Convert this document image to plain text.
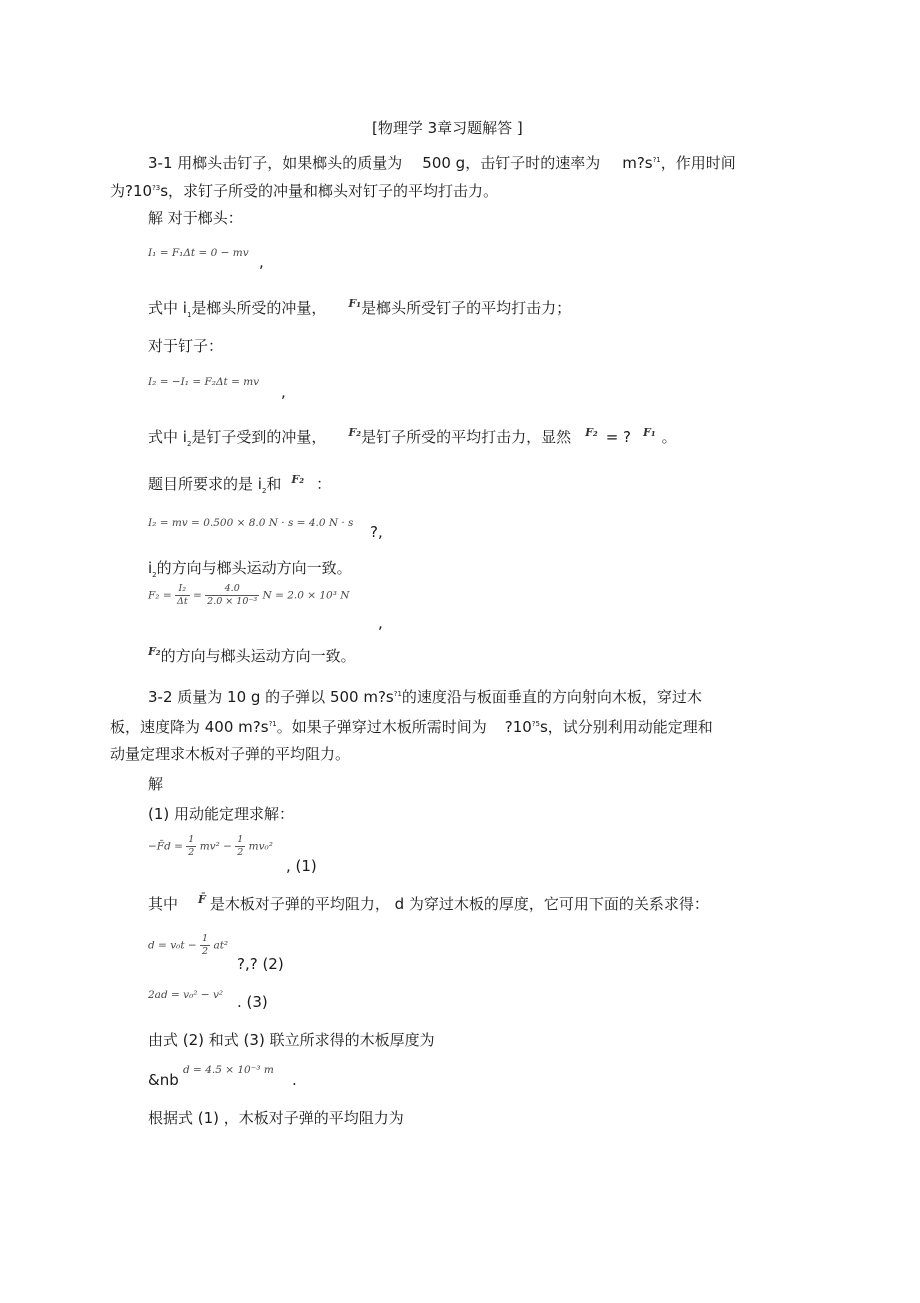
[物理学 3章习题解答 ]
3-1 用榔头击钉子，如果榔头的质量为 500 g，击钉子时的速率为 $m?s^{?1}$，作用时间
为$?10^{?3}s$，求钉子所受的冲量和榔头对钉子的平均打击力。
解 对于榔头：
I₁ = F₁Δt = 0 − mv ,
式中 $i_1$是榔头所受的冲量， F₁是榔头所受钉子的平均打击力；
对于钉子：
I₂ = −I₁ = F₂Δt = mv
,
式中 $i_2$是钉子受到的冲量， F₂是钉子所受的平均打击力，显然 F₂ = ? F₁ 。
题目所要求的是 $i_2$和 F₂ ：
I₂ = mv = 0.500 × 8.0 N · s = 4.0 N · s ?,
$i_2$的方向与榔头运动方向一致。
$F_2 = \frac{\text{I₂}}{\Delta t} = \frac{4.0}{\text{2.0 × 10⁻³}}$ N = 2.0 × 10³ N
,
F₂的方向与榔头运动方向一致。
3-2 质量为 10 g 的子弹以 500 $m?s^{?1}$的速度沿与板面垂直的方向射向木板，穿过木
板，速度降为 400 $m?s^{?1}$。如果子弹穿过木板所需时间为 $?10^{?5}s$，试分别利用动能定理和
动量定理求木板对子弹的平均阻力。
解
(1) 用动能定理求解：
−F̄d = $\frac{1}{2} mv^2 - \frac{1}{2} mv_0^2$
, (1)
其中 F̄ 是木板对子弹的平均阻力， d 为穿过木板的厚度，它可用下面的关系求得：
$d = v_0t - \frac{1}{2} at^2$
?,? (2)
2ad = v₀² − v² . (3)
由式 (2) 和式 (3) 联立所求得的木板厚度为
&nb
d = 4.5 × 10⁻³ m
.
根据式 (1) ，木板对子弹的平均阻力为
